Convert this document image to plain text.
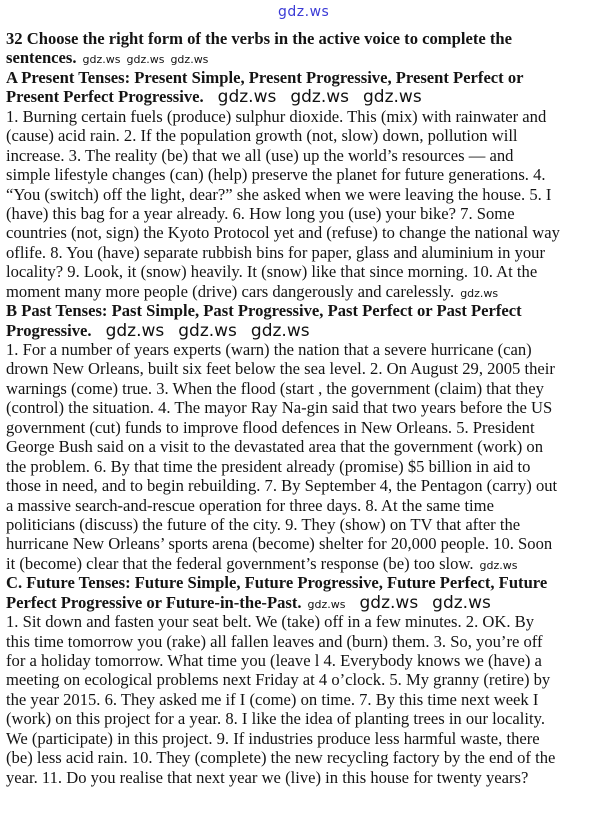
gdz.ws
32 Choose the right form of the verbs in the active voice to complete the
sentences. gdz.ws gdz.ws gdz.ws
A Present Tenses: Present Simple, Present Progressive, Present Perfect or
Present Perfect Progressive. gdz.ws gdz.ws gdz.ws
1. Burning certain fuels (produce) sulphur dioxide. This (mix) with rainwater and
(cause) acid rain. 2. If the population growth (not, slow) down, pollution will
increase. 3. The reality (be) that we all (use) up the world’s resources — and
simple lifestyle changes (can) (help) preserve the planet for future generations. 4.
“You (switch) off the light, dear?” she asked when we were leaving the house. 5. I
(have) this bag for a year already. 6. How long you (use) your bike? 7. Some
countries (not, sign) the Kyoto Protocol yet and (refuse) to change the national way
oflife. 8. You (have) separate rubbish bins for paper, glass and aluminium in your
locality? 9. Look, it (snow) heavily. It (snow) like that since morning. 10. At the
moment many more people (drive) cars dangerously and carelessly. gdz.ws
B Past Tenses: Past Simple, Past Progressive, Past Perfect or Past Perfect
Progressive. gdz.ws gdz.ws gdz.ws
1. For a number of years experts (warn) the nation that a severe hurricane (can)
drown New Orleans, built six feet below the sea level. 2. On August 29, 2005 their
warnings (come) true. 3. When the flood (start , the government (claim) that they
(control) the situation. 4. The mayor Ray Na-gin said that two years before the US
government (cut) funds to improve flood defences in New Orleans. 5. President
George Bush said on a visit to the devastated area that the government (work) on
the problem. 6. By that time the president already (promise) $5 billion in aid to
those in need, and to begin rebuilding. 7. By September 4, the Pentagon (carry) out
a massive search-and-rescue operation for three days. 8. At the same time
politicians (discuss) the future of the city. 9. They (show) on TV that after the
hurricane New Orleans’ sports arena (become) shelter for 20,000 people. 10. Soon
it (become) clear that the federal government’s response (be) too slow. gdz.ws
C. Future Tenses: Future Simple, Future Progressive, Future Perfect, Future
Perfect Progressive or Future-in-the-Past. gdz.ws gdz.ws gdz.ws
1. Sit down and fasten your seat belt. We (take) off in a few minutes. 2. OK. By
this time tomorrow you (rake) all fallen leaves and (burn) them. 3. So, you’re off
for a holiday tomorrow. What time you (leave l 4. Everybody knows we (have) a
meeting on ecological problems next Friday at 4 o’clock. 5. My granny (retire) by
the year 2015. 6. They asked me if I (come) on time. 7. By this time next week I
(work) on this project for a year. 8. I like the idea of planting trees in our locality.
We (participate) in this project. 9. If industries produce less harmful waste, there
(be) less acid rain. 10. They (complete) the new recycling factory by the end of the
year. 11. Do you realise that next year we (live) in this house for twenty years?
